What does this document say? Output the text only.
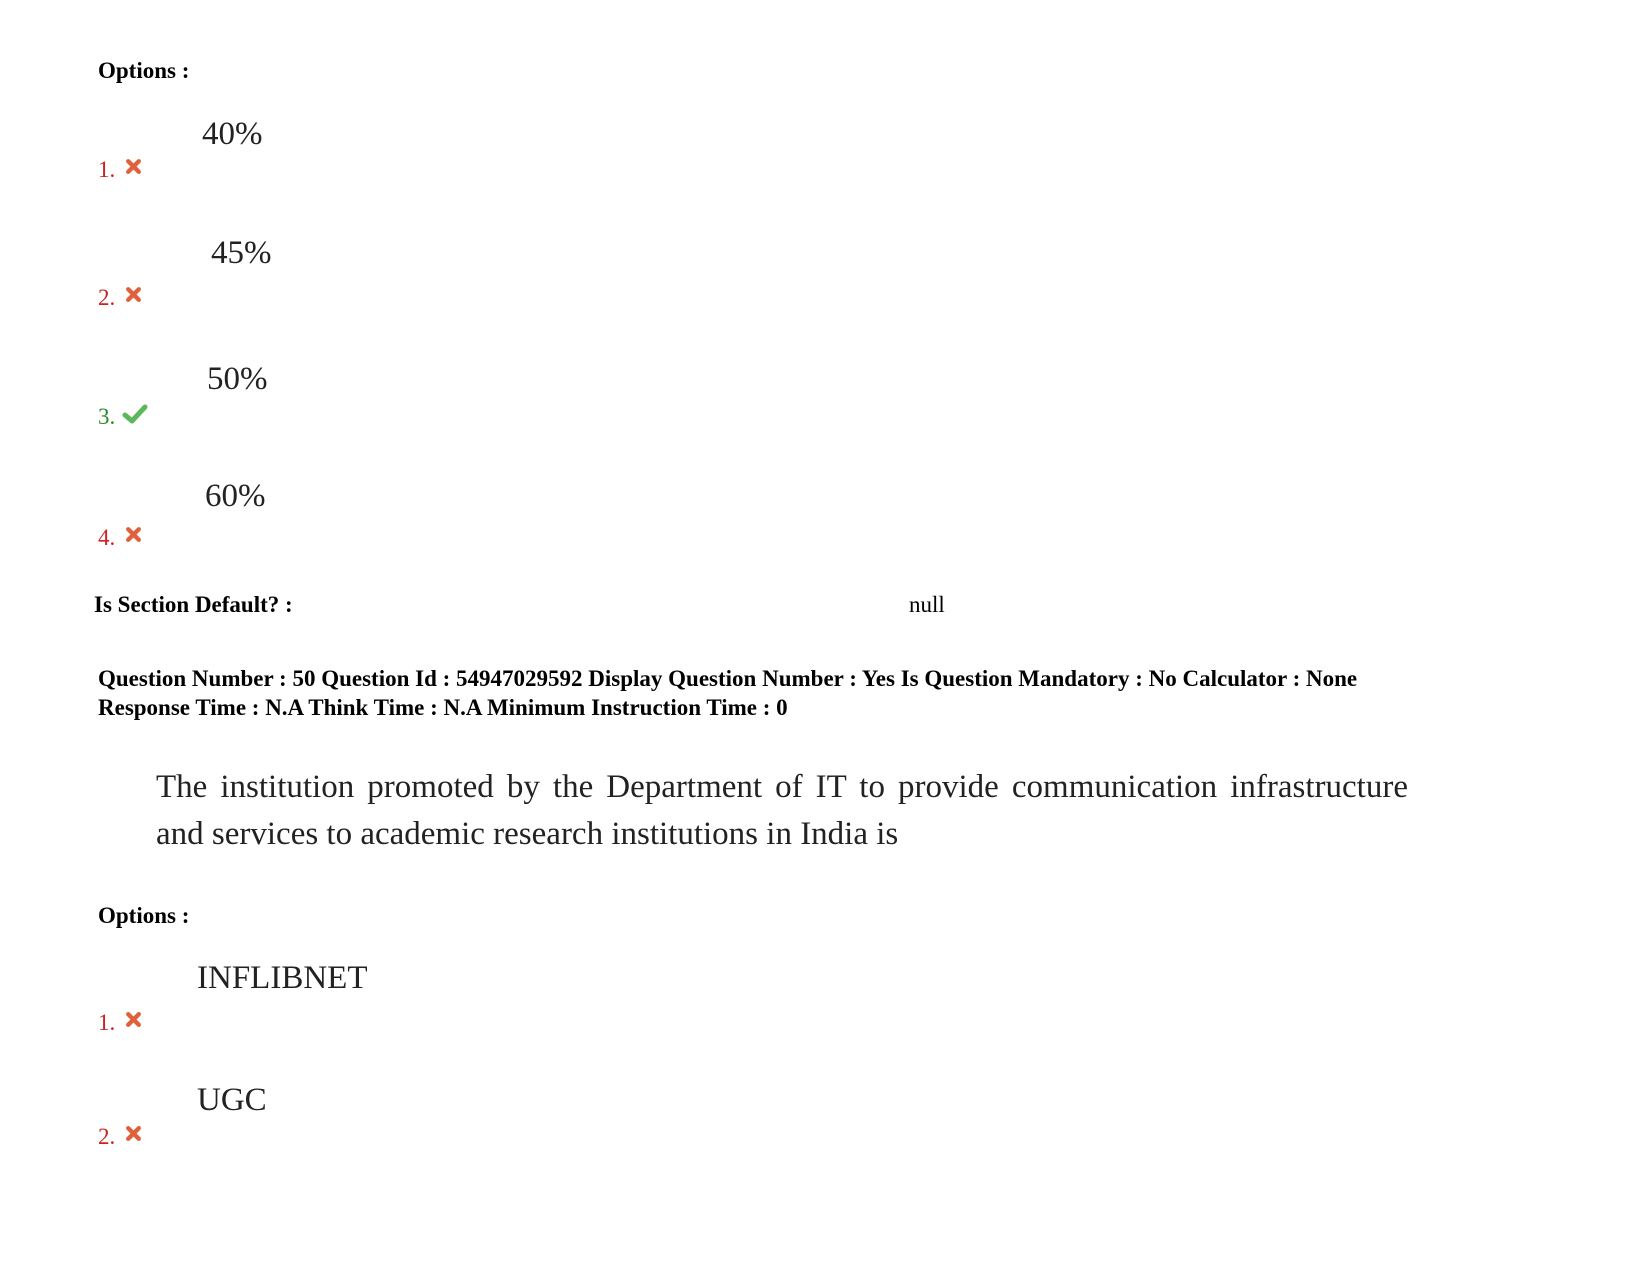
Options :
40%
1.
45%
2.
50%
3.
60%
4.
Is Section Default? :	null
Question Number : 50 Question Id : 54947029592 Display Question Number : Yes Is Question Mandatory : No Calculator : None
Response Time : N.A Think Time : N.A Minimum Instruction Time : 0
The institution promoted by the Department of IT to provide communication infrastructure and services to academic research institutions in India is
Options :
INFLIBNET
1.
UGC
2.
